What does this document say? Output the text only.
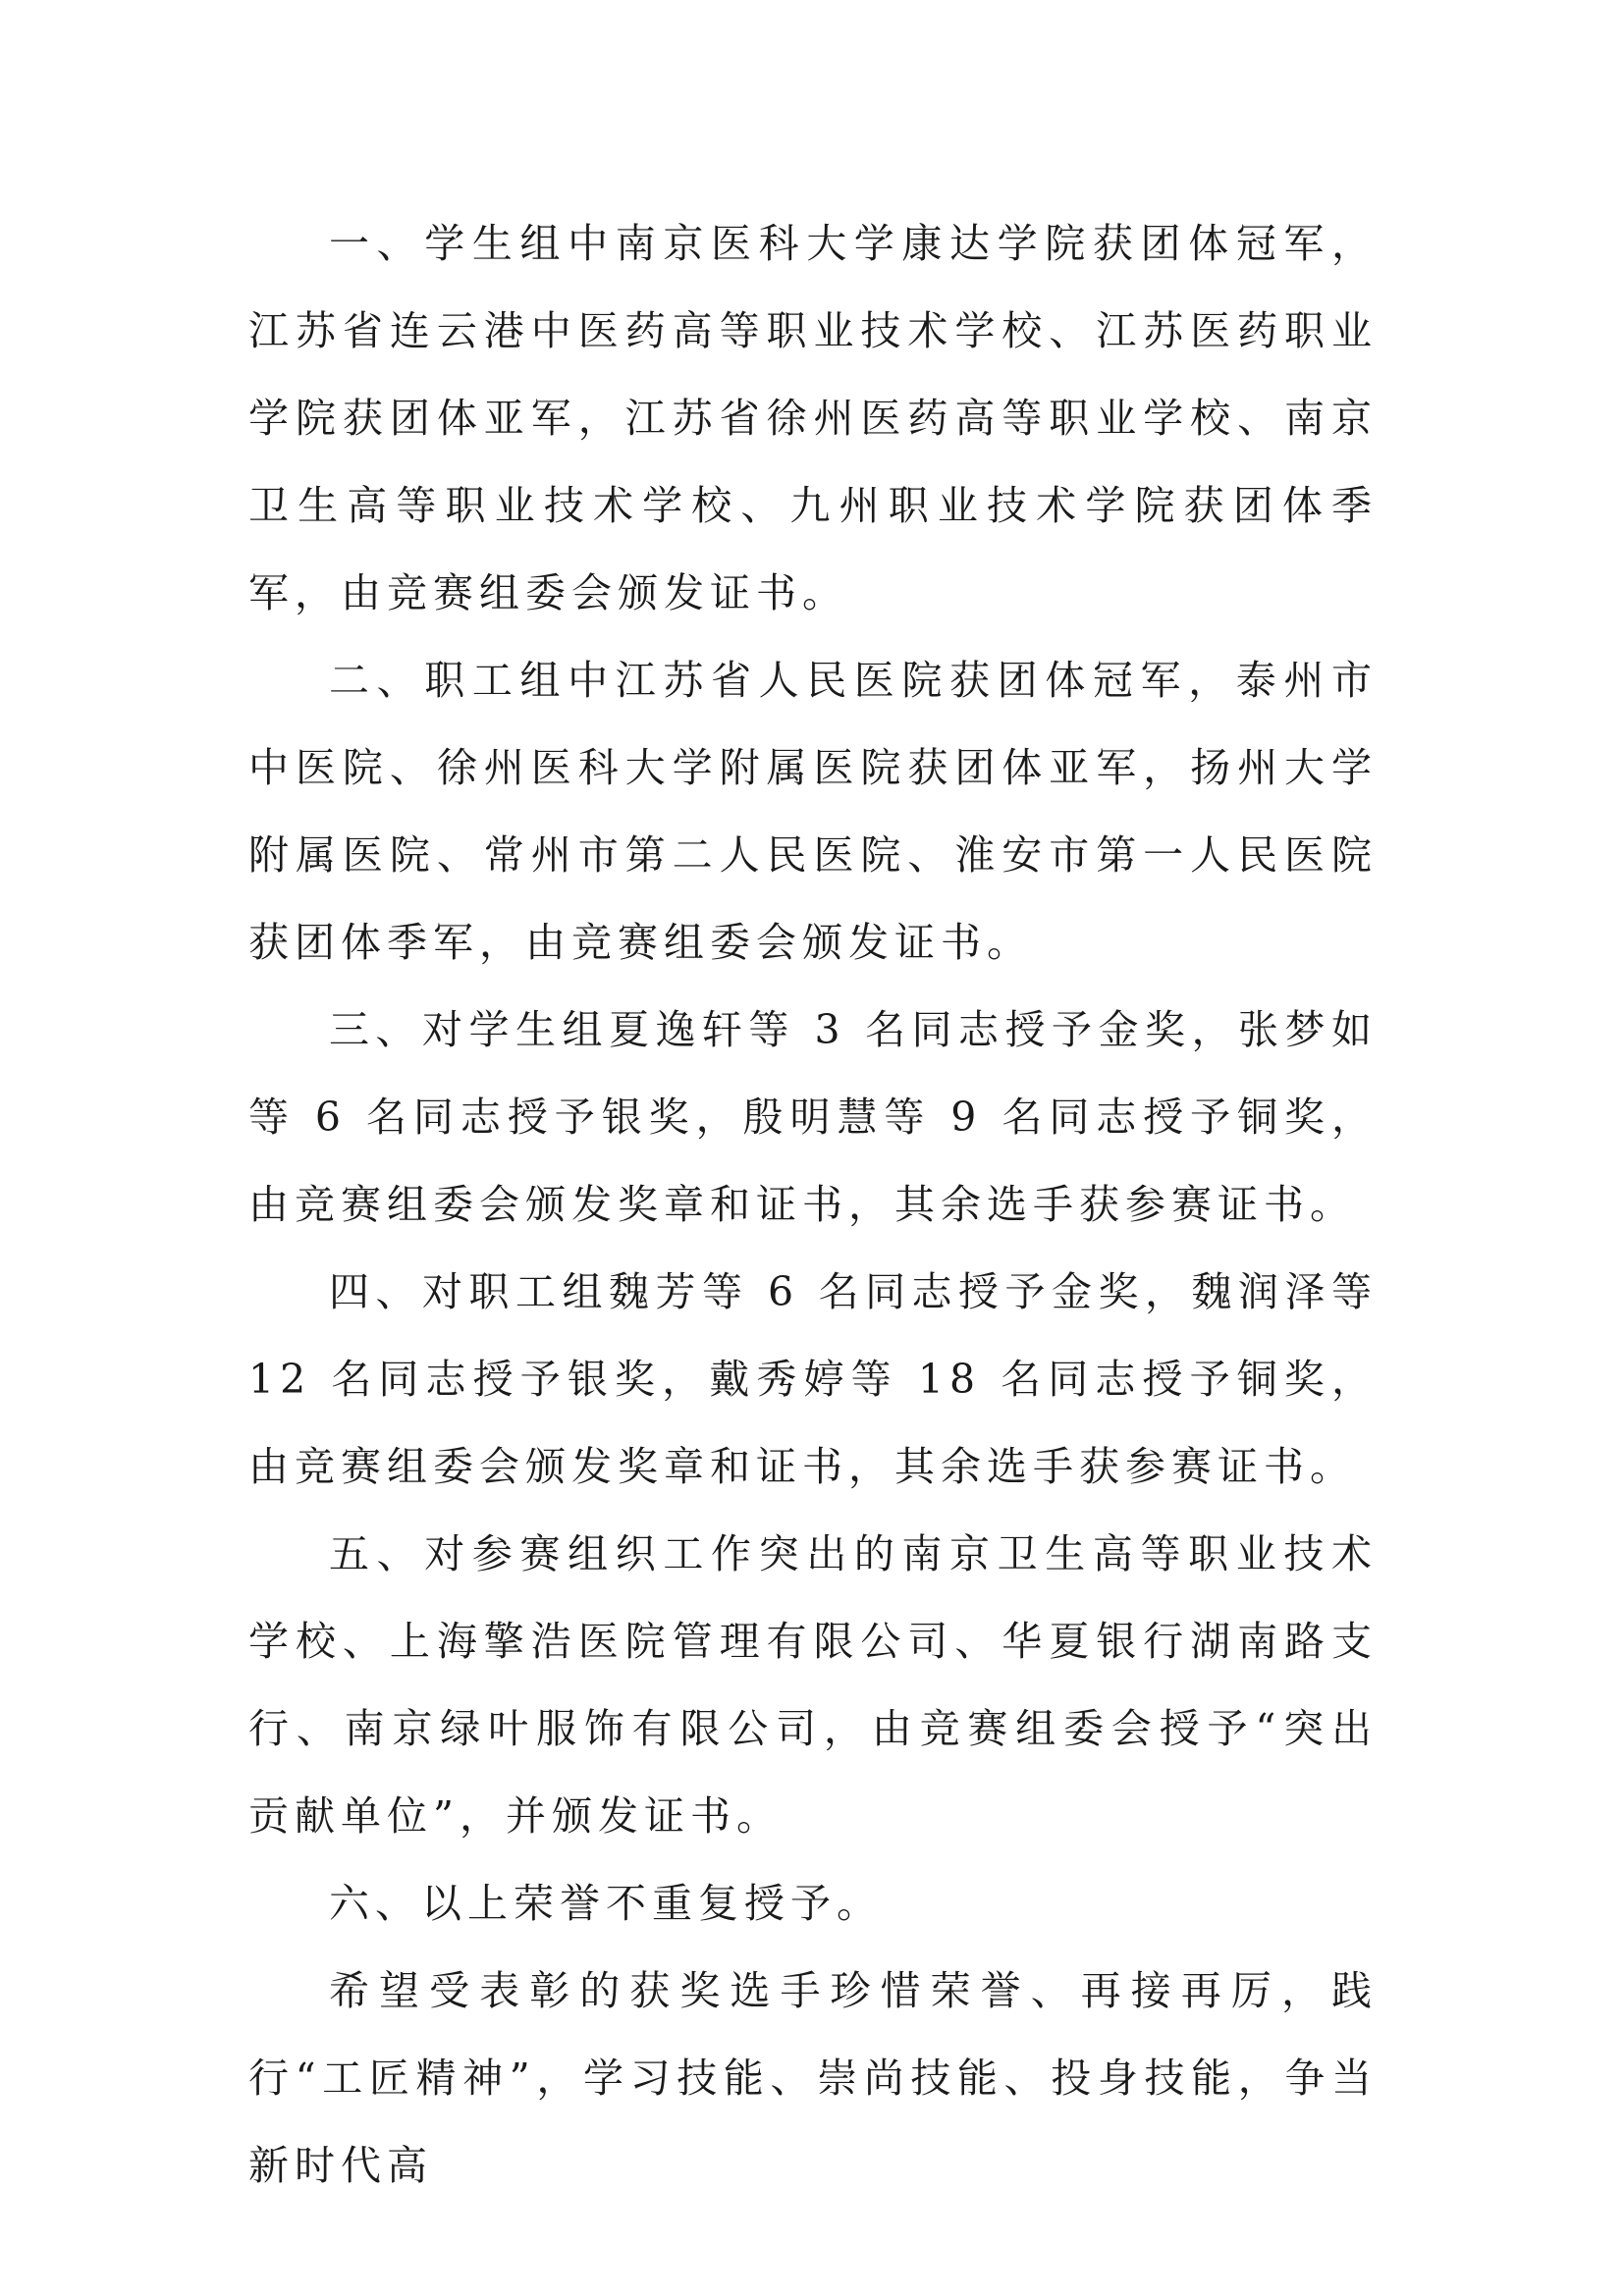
一、学生组中南京医科大学康达学院获团体冠军，江苏省连云港中医药高等职业技术学校、江苏医药职业学院获团体亚军，江苏省徐州医药高等职业学校、南京卫生高等职业技术学校、九州职业技术学院获团体季军，由竞赛组委会颁发证书。

二、职工组中江苏省人民医院获团体冠军，泰州市中医院、徐州医科大学附属医院获团体亚军，扬州大学附属医院、常州市第二人民医院、淮安市第一人民医院获团体季军，由竞赛组委会颁发证书。

三、对学生组夏逸轩等 3 名同志授予金奖，张梦如等 6 名同志授予银奖，殷明慧等 9 名同志授予铜奖，由竞赛组委会颁发奖章和证书，其余选手获参赛证书。

四、对职工组魏芳等 6 名同志授予金奖，魏润泽等 12 名同志授予银奖，戴秀婷等 18 名同志授予铜奖，由竞赛组委会颁发奖章和证书，其余选手获参赛证书。

五、对参赛组织工作突出的南京卫生高等职业技术学校、上海擎浩医院管理有限公司、华夏银行湖南路支行、南京绿叶服饰有限公司，由竞赛组委会授予“突出贡献单位”，并颁发证书。

六、以上荣誉不重复授予。

希望受表彰的获奖选手珍惜荣誉、再接再厉，践行“工匠精神”，学习技能、崇尚技能、投身技能，争当新时代高
